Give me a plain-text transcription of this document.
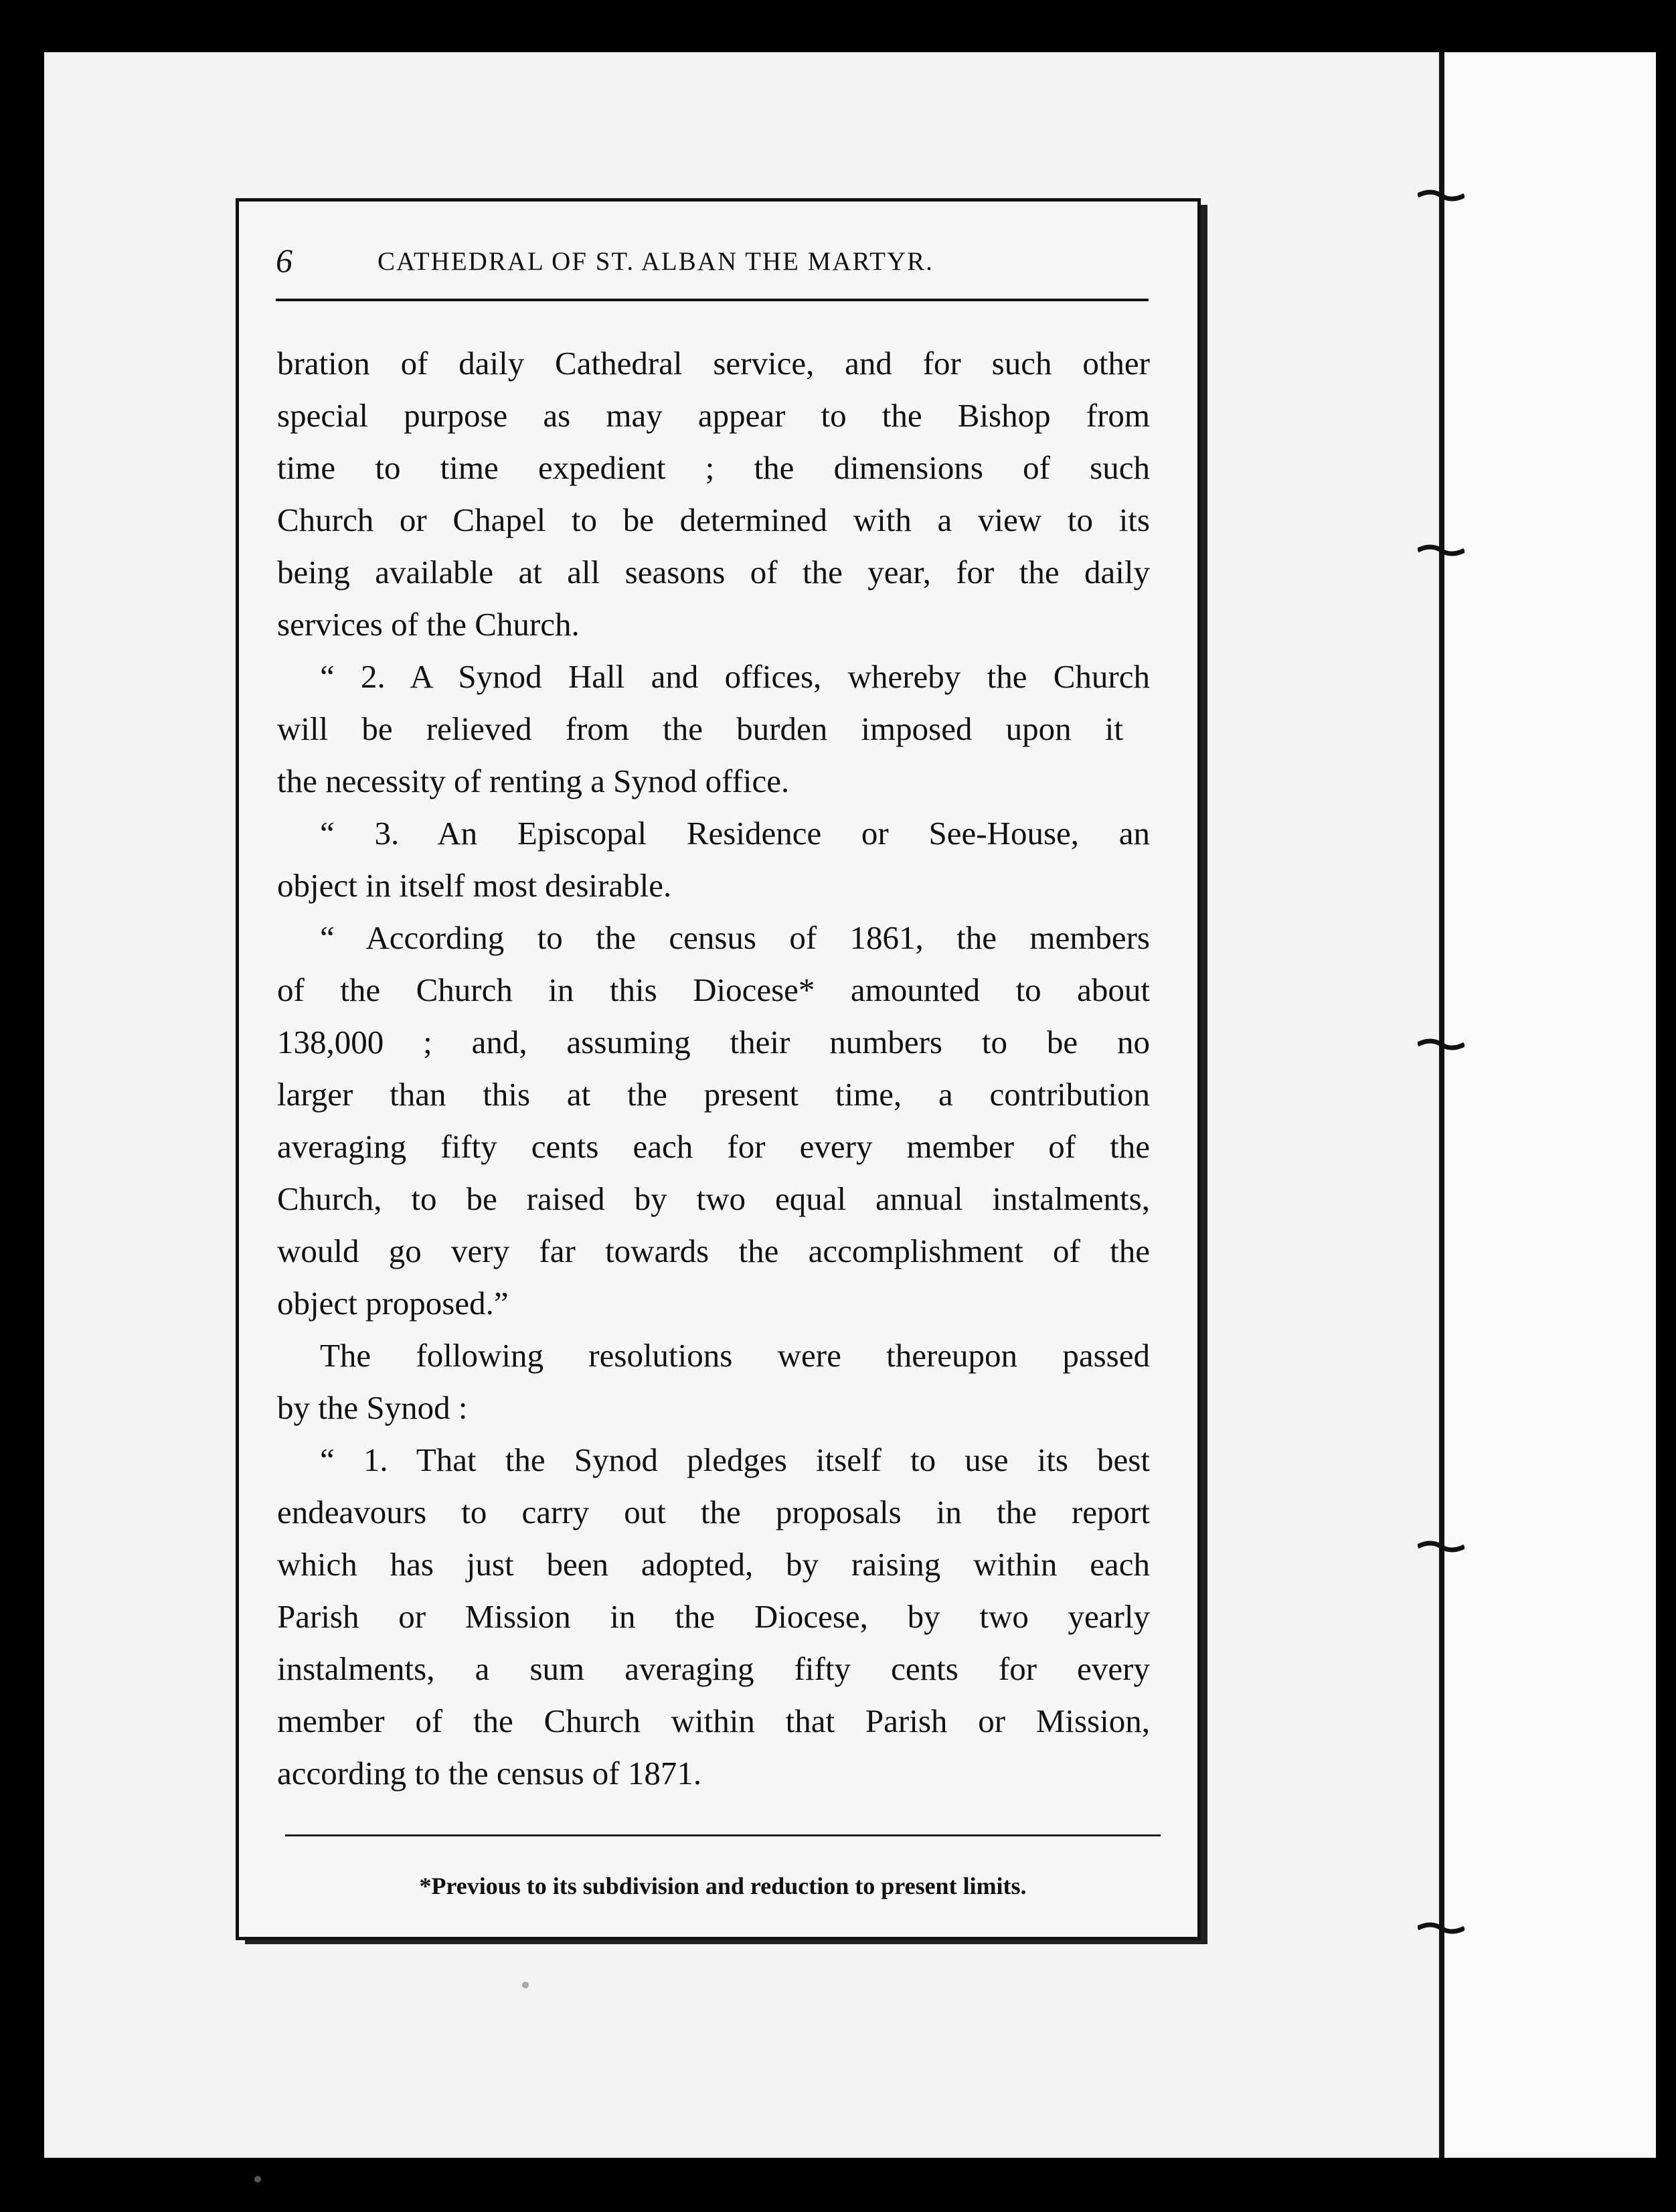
6	CATHEDRAL OF ST. ALBAN THE MARTYR.
bration of daily Cathedral service, and for such other
special purpose as may appear to the Bishop from
time to time expedient ; the dimensions of such
Church or Chapel to be determined with a view to its
being available at all seasons of the year, for the daily
services of the Church.
“ 2. A Synod Hall and offices, whereby the Church
will be relieved from the burden imposed upon it
the necessity of renting a Synod office.
“ 3. An Episcopal Residence or See-House, an
object in itself most desirable.
“ According to the census of 1861, the members
of the Church in this Diocese* amounted to about
138,000 ; and, assuming their numbers to be no
larger than this at the present time, a contribution
averaging fifty cents each for every member of the
Church, to be raised by two equal annual instalments,
would go very far towards the accomplishment of the
object proposed.”
The following resolutions were thereupon passed
by the Synod :
“ 1. That the Synod pledges itself to use its best
endeavours to carry out the proposals in the report
which has just been adopted, by raising within each
Parish or Mission in the Diocese, by two yearly
instalments, a sum averaging fifty cents for every
member of the Church within that Parish or Mission,
according to the census of 1871.
*Previous to its subdivision and reduction to present limits.
